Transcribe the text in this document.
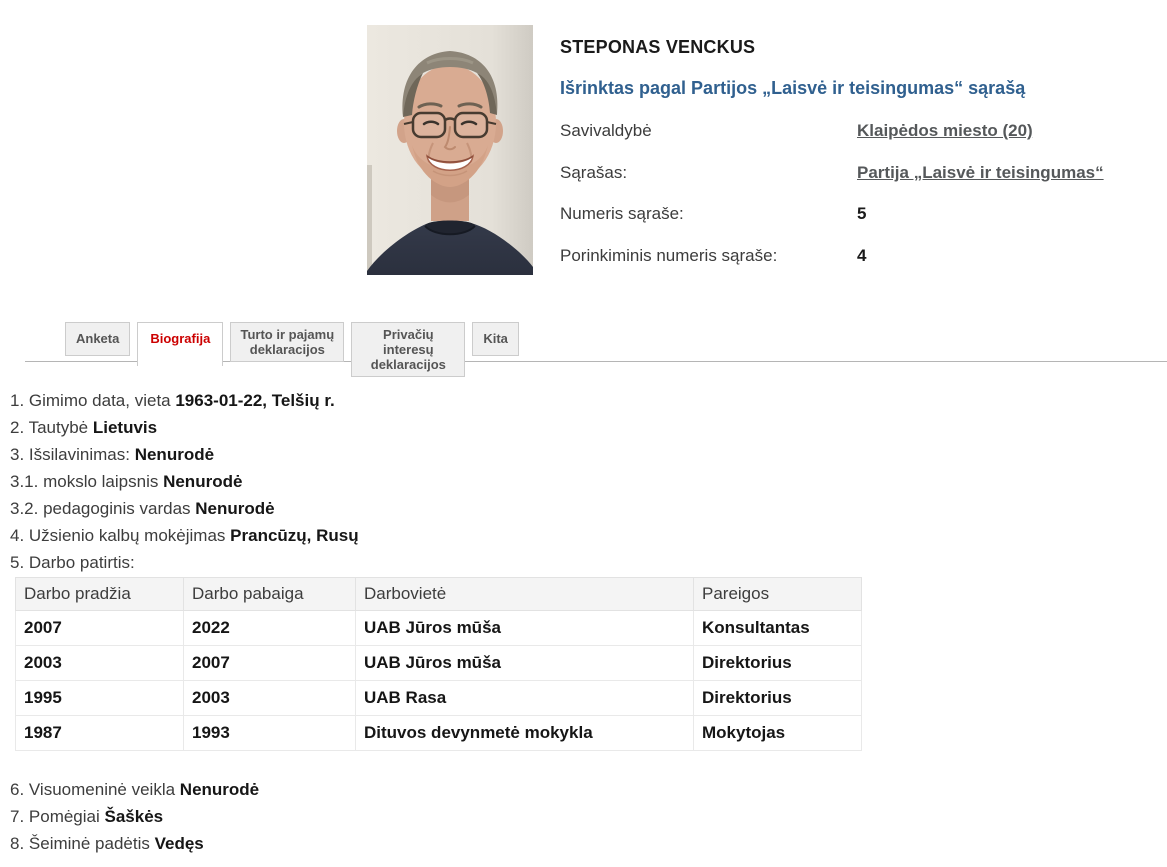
STEPONAS VENCKUS
Išrinktas pagal Partijos „Laisvė ir teisingumas“ sąrašą
Savivaldybė	Klaipėdos miesto (20)
Sąrašas:	Partija „Laisvė ir teisingumas“
Numeris sąraše:	5
Porinkiminis numeris sąraše:	4
Anketa	Biografija	Turto ir pajamų deklaracijos
Privačių interesų deklaracijos
Kita

1. Gimimo data, vieta 1963-01-22, Telšių r.

2. Tautybė Lietuvis

3. Išsilavinimas: Nenurodė

3.1. mokslo laipsnis Nenurodė

3.2. pedagoginis vardas Nenurodė

4. Užsienio kalbų mokėjimas Prancūzų, Rusų

5. Darbo patirtis:

Darbo pradžia	Darbo pabaiga	Darbovietė	Pareigos
2007	2022	UAB Jūros mūša	Konsultantas
2003	2007	UAB Jūros mūša	Direktorius
1995	2003	UAB Rasa	Direktorius
1987	1993	Dituvos devynmetė mokykla	Mokytojas

6. Visuomeninė veikla Nenurodė

7. Pomėgiai Šaškės

8. Šeiminė padėtis Vedęs
